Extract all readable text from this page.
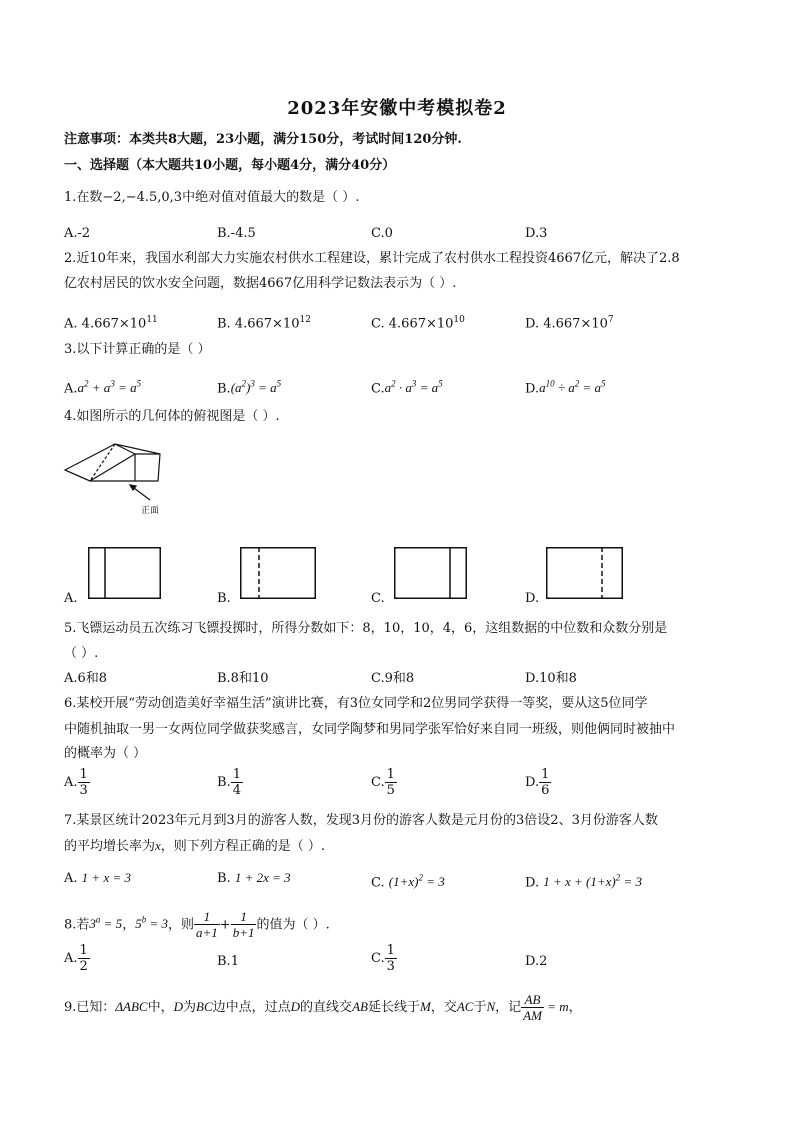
2023年安徽中考模拟卷2
注意事项：本类共8大题，23小题，满分150分，考试时间120分钟.
一、选择题（本大题共10小题，每小题4分，满分40分）
1.在数−2,−4.5,0,3中绝对值对值最大的数是（ ）.
A.-2	B.-4.5	C.0	D.3
2.近10年来，我国水利部大力实施农村供水工程建设，累计完成了农村供水工程投资4667亿元，解决了2.8
亿农村居民的饮水安全问题，数据4667亿用科学记数法表示为（ ）.
A. $4.667\times 10^{11}$	B. $4.667\times 10^{12}$	C. $4.667\times 10^{10}$	D. $4.667\times 10^7$
3.以下计算正确的是（ ）
$A.a^2 + a^3 = a^5$	$B.(a^2)^3 = a^5$	$C.a^2 \cdot a^3 = a^5$	$D.a^{10} \div a^2 = a^5$
4.如图所示的几何体的俯视图是（ ）.
正面
A.	B.	C.	D.
5.飞镖运动员五次练习飞镖投掷时，所得分数如下：8，10，10，4，6，这组数据的中位数和众数分别是
（ ）.
A.6和8	B.8和10	C.9和8	D.10和8
6.某校开展“劳动创造美好幸福生活”演讲比赛，有3位女同学和2位男同学获得一等奖，要从这5位同学
中随机抽取一男一女两位同学做获奖感言，女同学陶梦和男同学张军恰好来自同一班级，则他俩同时被抽中
的概率为（ ）
A. $\frac{1}{3}$	B. $\frac{1}{4}$	C. $\frac{1}{5}$	D. $\frac{1}{6}$
7.某景区统计2023年元月到3月的游客人数，发现3月份的游客人数是元月份的3倍设2、3月份游客人数
的平均增长率为x，则下列方程正确的是（ ）.
A. 1 + x = 3	B. 1 + 2x = 3	C. $(1+x)^2 = 3$	D. $1 + x + (1+x)^2 = 3$
8.若$3^a = 5$，$5^b = 3$，则 $\frac{1}{a+1} + \frac{1}{b+1}$ 的值为（ ）.
A. $\frac{1}{2}$	B.1	C. $\frac{1}{3}$	D.2
9.已知：ΔABC中，D为BC边中点，过点D的直线交AB延长线于M，交AC于N，记 $\frac{AB}{AM} = m$，
